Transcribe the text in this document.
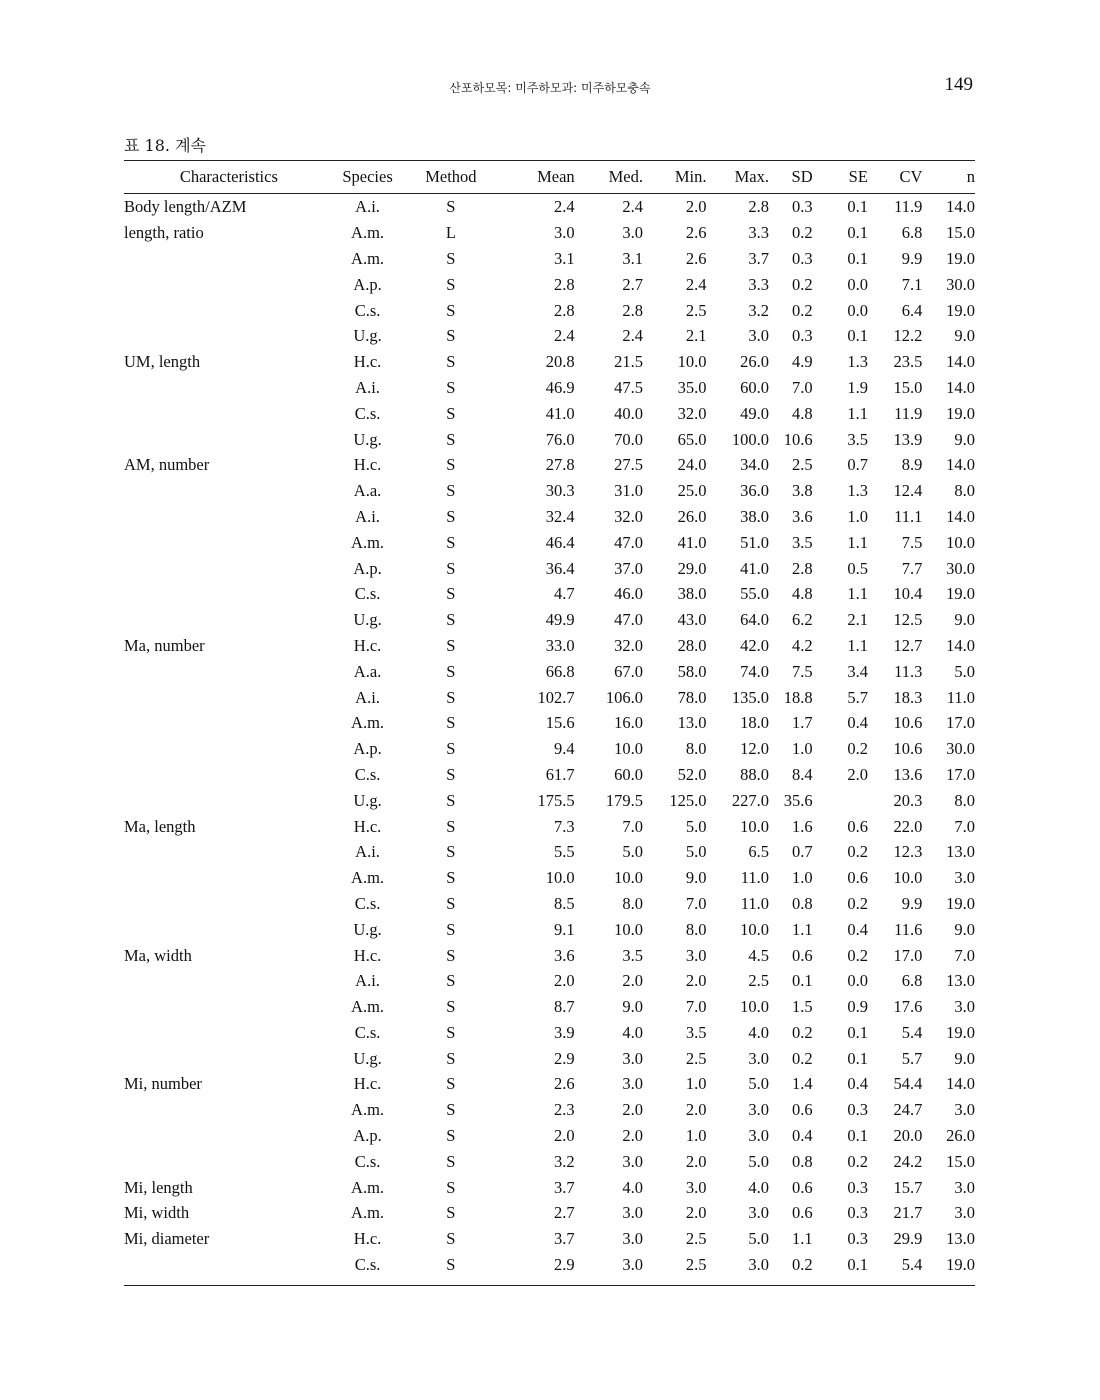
산포하모목: 미주하모과: 미주하모충속	149
표 18. 계속
Characteristics	Species	Method	Mean	Med.	Min.	Max.	SD	SE	CV	n
Body length/AZM	A.i.	S	2.4	2.4	2.0	2.8	0.3	0.1	11.9	14.0
length, ratio	A.m.	L	3.0	3.0	2.6	3.3	0.2	0.1	6.8	15.0
	A.m.	S	3.1	3.1	2.6	3.7	0.3	0.1	9.9	19.0
	A.p.	S	2.8	2.7	2.4	3.3	0.2	0.0	7.1	30.0
	C.s.	S	2.8	2.8	2.5	3.2	0.2	0.0	6.4	19.0
	U.g.	S	2.4	2.4	2.1	3.0	0.3	0.1	12.2	9.0
UM, length	H.c.	S	20.8	21.5	10.0	26.0	4.9	1.3	23.5	14.0
	A.i.	S	46.9	47.5	35.0	60.0	7.0	1.9	15.0	14.0
	C.s.	S	41.0	40.0	32.0	49.0	4.8	1.1	11.9	19.0
	U.g.	S	76.0	70.0	65.0	100.0	10.6	3.5	13.9	9.0
AM, number	H.c.	S	27.8	27.5	24.0	34.0	2.5	0.7	8.9	14.0
	A.a.	S	30.3	31.0	25.0	36.0	3.8	1.3	12.4	8.0
	A.i.	S	32.4	32.0	26.0	38.0	3.6	1.0	11.1	14.0
	A.m.	S	46.4	47.0	41.0	51.0	3.5	1.1	7.5	10.0
	A.p.	S	36.4	37.0	29.0	41.0	2.8	0.5	7.7	30.0
	C.s.	S	4.7	46.0	38.0	55.0	4.8	1.1	10.4	19.0
	U.g.	S	49.9	47.0	43.0	64.0	6.2	2.1	12.5	9.0
Ma, number	H.c.	S	33.0	32.0	28.0	42.0	4.2	1.1	12.7	14.0
	A.a.	S	66.8	67.0	58.0	74.0	7.5	3.4	11.3	5.0
	A.i.	S	102.7	106.0	78.0	135.0	18.8	5.7	18.3	11.0
	A.m.	S	15.6	16.0	13.0	18.0	1.7	0.4	10.6	17.0
	A.p.	S	9.4	10.0	8.0	12.0	1.0	0.2	10.6	30.0
	C.s.	S	61.7	60.0	52.0	88.0	8.4	2.0	13.6	17.0
	U.g.	S	175.5	179.5	125.0	227.0	35.6		20.3	8.0
Ma, length	H.c.	S	7.3	7.0	5.0	10.0	1.6	0.6	22.0	7.0
	A.i.	S	5.5	5.0	5.0	6.5	0.7	0.2	12.3	13.0
	A.m.	S	10.0	10.0	9.0	11.0	1.0	0.6	10.0	3.0
	C.s.	S	8.5	8.0	7.0	11.0	0.8	0.2	9.9	19.0
	U.g.	S	9.1	10.0	8.0	10.0	1.1	0.4	11.6	9.0
Ma, width	H.c.	S	3.6	3.5	3.0	4.5	0.6	0.2	17.0	7.0
	A.i.	S	2.0	2.0	2.0	2.5	0.1	0.0	6.8	13.0
	A.m.	S	8.7	9.0	7.0	10.0	1.5	0.9	17.6	3.0
	C.s.	S	3.9	4.0	3.5	4.0	0.2	0.1	5.4	19.0
	U.g.	S	2.9	3.0	2.5	3.0	0.2	0.1	5.7	9.0
Mi, number	H.c.	S	2.6	3.0	1.0	5.0	1.4	0.4	54.4	14.0
	A.m.	S	2.3	2.0	2.0	3.0	0.6	0.3	24.7	3.0
	A.p.	S	2.0	2.0	1.0	3.0	0.4	0.1	20.0	26.0
	C.s.	S	3.2	3.0	2.0	5.0	0.8	0.2	24.2	15.0
Mi, length	A.m.	S	3.7	4.0	3.0	4.0	0.6	0.3	15.7	3.0
Mi, width	A.m.	S	2.7	3.0	2.0	3.0	0.6	0.3	21.7	3.0
Mi, diameter	H.c.	S	3.7	3.0	2.5	5.0	1.1	0.3	29.9	13.0
	C.s.	S	2.9	3.0	2.5	3.0	0.2	0.1	5.4	19.0
